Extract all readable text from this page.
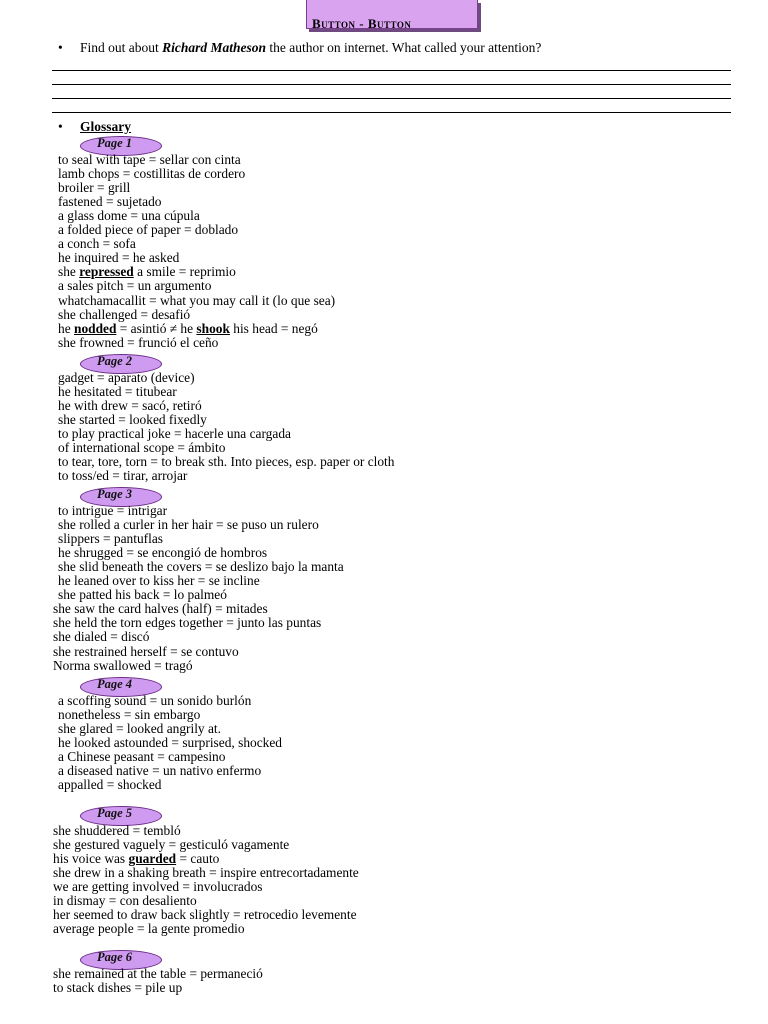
Button - Button
• Find out about Richard Matheson the author on internet. What called your attention?
• Glossary
Page 1
to seal with tape = sellar con cinta
lamb chops = costillitas de cordero
broiler = grill
fastened = sujetado
a glass dome = una cúpula
a folded piece of paper = doblado
a conch = sofa
he inquired = he asked
she repressed a smile = reprimio
a sales pitch = un argumento
whatchamacallit = what you may call it (lo que sea)
she challenged = desafió
he nodded = asintió ≠ he shook his head = negó
she frowned = frunció el ceño
Page 2
gadget = aparato (device)
he hesitated = titubear
he with drew = sacó, retiró
she started = looked fixedly
to play practical joke = hacerle una cargada
of international scope = ámbito
to tear, tore, torn = to break sth. Into pieces, esp. paper or cloth
to toss/ed = tirar, arrojar
Page 3
to intrigue = intrigar
she rolled a curler in her hair = se puso un rulero
slippers = pantuflas
he shrugged = se encongió de hombros
she slid beneath the covers = se deslizo bajo la manta
he leaned over to kiss her = se incline
she patted his back = lo palmeó
she saw the card halves (half) = mitades
she held the torn edges together = junto las puntas
she dialed = discó
she restrained herself = se contuvo
Norma swallowed = tragó
Page 4
a scoffing sound = un sonido burlón
nonetheless = sin embargo
she glared = looked angrily at.
he looked astounded = surprised, shocked
a Chinese peasant = campesino
a diseased native = un nativo enfermo
appalled = shocked
Page 5
she shuddered = tembló
she gestured vaguely = gesticuló vagamente
his voice was guarded = cauto
she drew in a shaking breath = inspire entrecortadamente
we are getting involved = involucrados
in dismay = con desaliento
her seemed to draw back slightly = retrocedio levemente
average people = la gente promedio
Page 6
she remained at the table = permaneció
to stack dishes = pile up
